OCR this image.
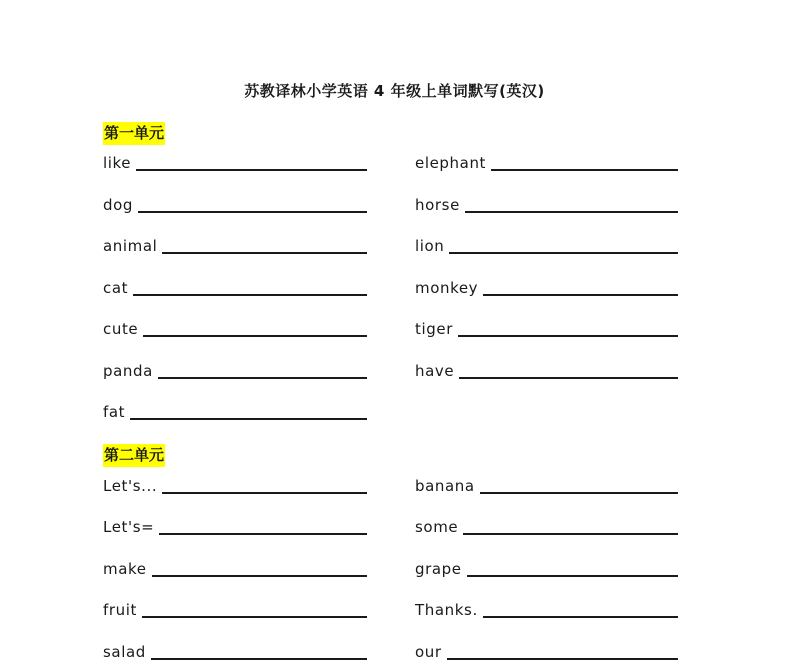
苏教译林小学英语 4 年级上单词默写(英汉)
第一单元
like
dog
animal
cat
cute
panda
fat
elephant
horse
lion
monkey
tiger
have
第二单元
Let's...
Let's=
make
fruit
salad
banana
some
grape
Thanks.
our
